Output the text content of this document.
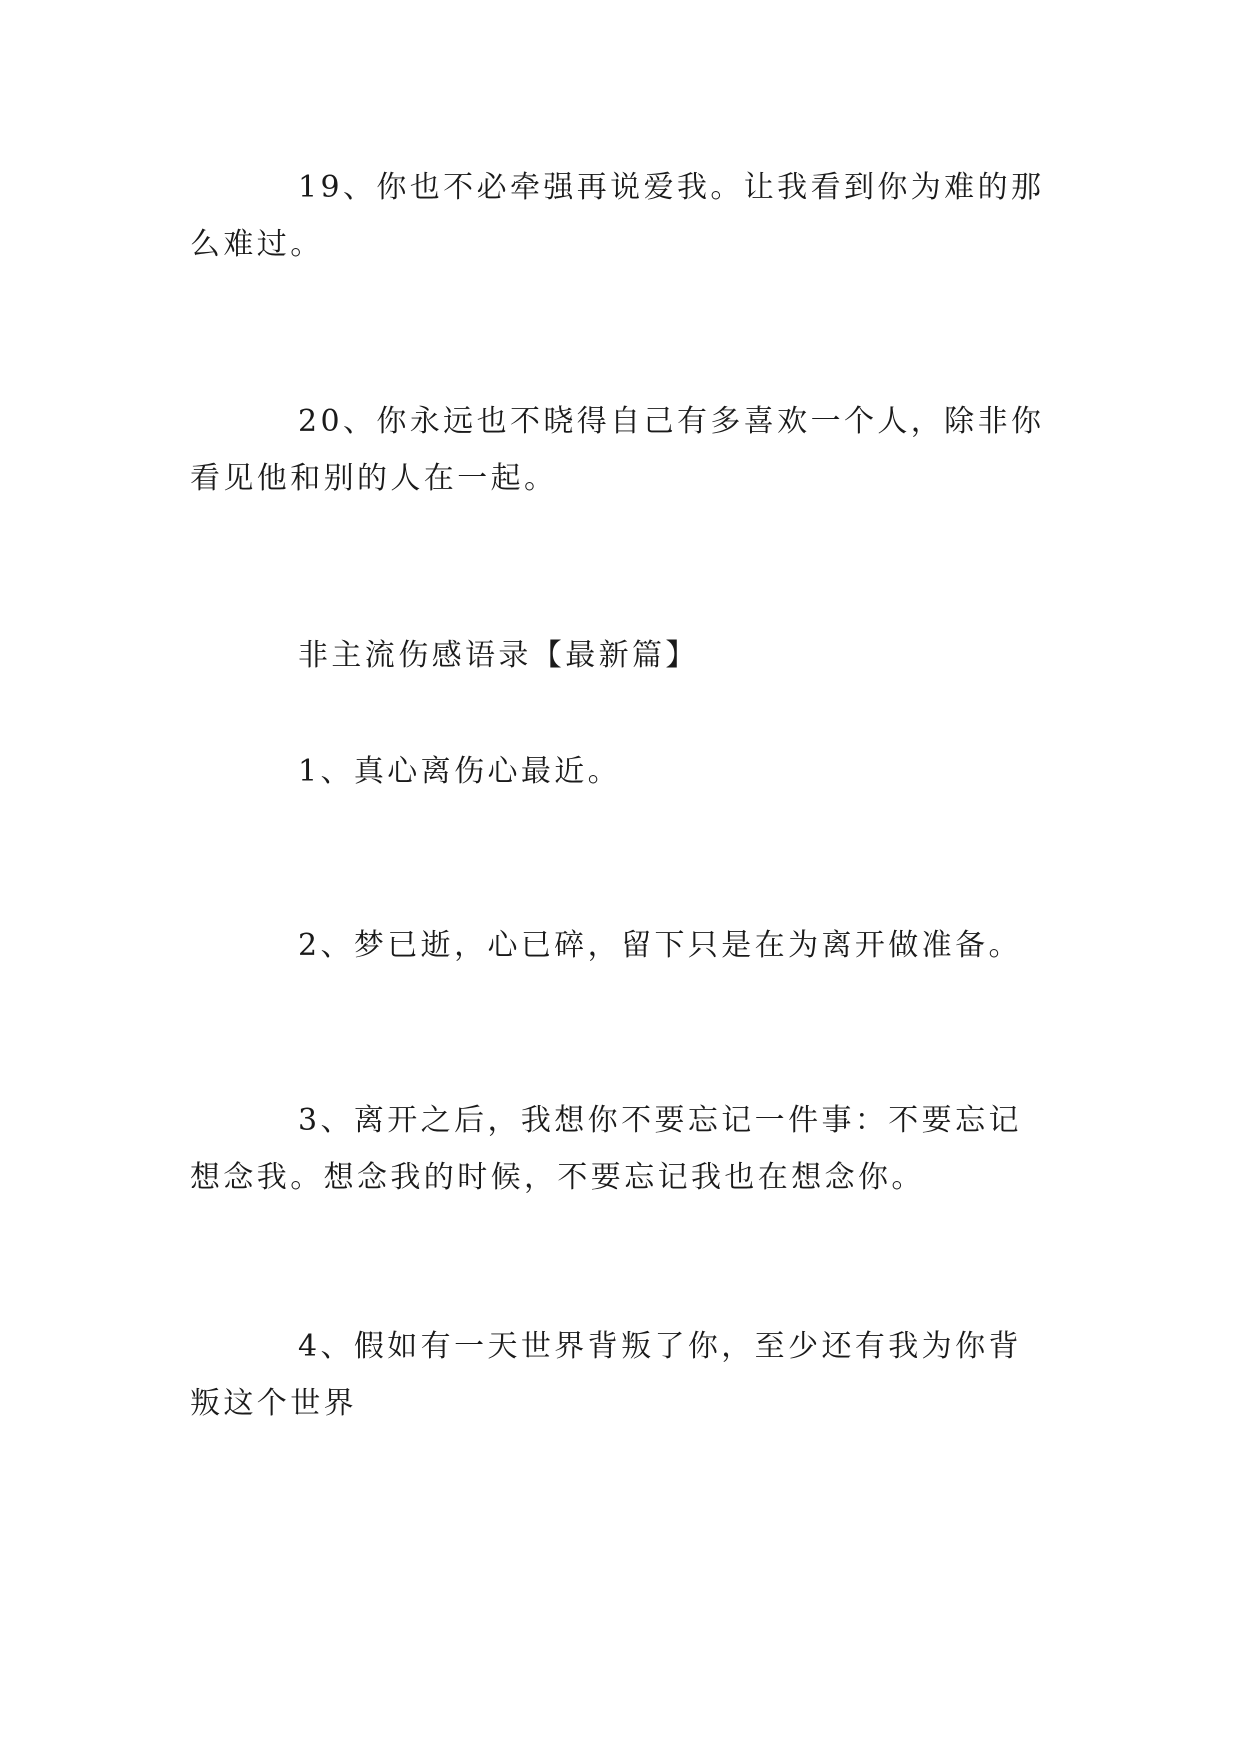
19、你也不必牵强再说爱我。让我看到你为难的那么难过。

20、你永远也不晓得自己有多喜欢一个人，除非你看见他和别的人在一起。

非主流伤感语录【最新篇】

1、真心离伤心最近。

2、梦已逝，心已碎，留下只是在为离开做准备。

3、离开之后，我想你不要忘记一件事：不要忘记想念我。想念我的时候，不要忘记我也在想念你。

4、假如有一天世界背叛了你，至少还有我为你背叛这个世界
